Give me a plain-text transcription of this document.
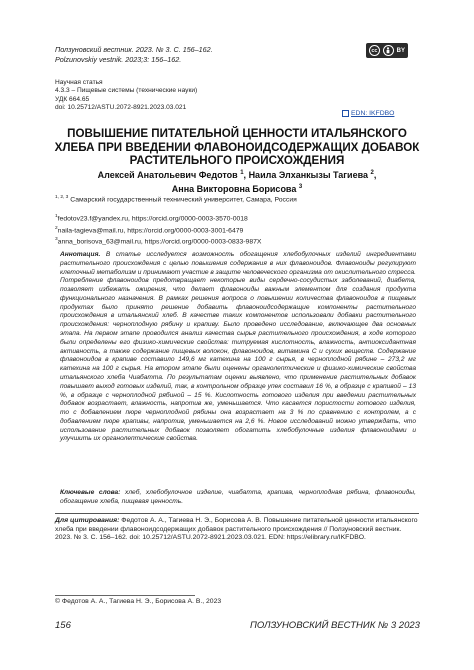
Ползуновский вестник. 2023. № 3. С. 156–162.
Polzunovskiy vestnik. 2023;3: 156–162.
cc	BY
Научная статья
4.3.3 – Пищевые системы (технические науки)
УДК 664.65
doi: 10.25712/ASTU.2072-8921.2023.03.021
EDN: IKFDBO
ПОВЫШЕНИЕ ПИТАТЕЛЬНОЙ ЦЕННОСТИ ИТАЛЬЯНСКОГО
ХЛЕБА ПРИ ВВЕДЕНИИ ФЛАВОНОИДСОДЕРЖАЩИХ ДОБАВОК
РАСТИТЕЛЬНОГО ПРОИСХОЖДЕНИЯ
Алексей Анатольевич Федотов $^1$, Наила Элханкызы Тагиева $^2$,
Анна Викторовна Борисова $^3$
$^{1, 2, 3}$ Самарский государственный технический университет, Самара, Россия
$^1$fedotov23.f@yandex.ru, https://orcid.org/0000-0003-3570-0018
$^2$naila-tagieva@mail.ru, https://orcid.org/0000-0003-3001-6479
$^3$anna_borisova_63@mail.ru, https://orcid.org/0000-0003-0833-987X
Аннотация. В статье исследуется возможность обогащения хлебобулочных изделий ингредиентами растительного происхождения с целью повышения содержания в них флавоноидов. Флавоноиды регулируют клеточный метаболизм и принимают участие в защите человеческого организма от окислительного стресса. Потребление флавоноидов предотвращает некоторые виды сердечно-сосудистых заболеваний, диабета, позволяет избежать ожирения, что делает флавоноиды важным элементом для создания продукта функционального назначения. В рамках решения вопроса о повышении количества флавоноидов в пищевых продуктах было принято решение добавить флавоноидсодержащие компоненты растительного происхождения в итальянский хлеб. В качестве таких компонентов использовали добавки растительного происхождения: черноплодную рябину и крапиву. Было проведено исследование, включающее два основных этапа. На первом этапе проводился анализ качества сырья растительного происхождения, в ходе которого были определены его физико-химические свойства: титруемая кислотность, влажность, антиоксидантная активность, а также содержание пищевых волокон, флавоноидов, витамина С и сухих веществ. Содержание флавоноидов в крапиве составило 149,6 мг катехина на 100 г сырья, в черноплодной рябине – 273,2 мг катехина на 100 г сырья. На втором этапе были оценены органолептические и физико-химические свойства итальянского хлеба Чиабатта. По результатам оценки выявлено, что применение растительных добавок повышает выход готовых изделий, так, в контрольном образце упек составил 16 %, в образце с крапивой – 13 %, в образце с черноплодной рябиной – 15 %. Кислотность готового изделия при введении растительных добавок возрастает, влажность, напротив же, уменьшается. Что касается пористости готового изделия, то с добавлением пюре черноплодной рябины она возрастает на 3 % по сравнению с контролем, а с добавлением пюре крапивы, напротив, уменьшается на 2,6 %. Новое исследований можно утверждать, что использование растительных добавок позволяет обогатить хлебобулочные изделия флавоноидами и улучшить их органолептические свойства.
Ключевые слова: хлеб, хлебобулочное изделие, чиабатта, крапива, черноплодная рябина, флавоноиды, обогащение хлеба, пищевая ценность.
Для цитирования: Федотов А. А., Тагиева Н. Э., Борисова А. В. Повышение питательной ценности итальянского хлеба при введении флавоноидсодержащих добавок растительного происхождения // Ползуновский вестник. 2023. № 3. С. 156–162. doi: 10.25712/ASTU.2072-8921.2023.03.021. EDN: https://elibrary.ru/IKFDBO.
© Федотов А. А., Тагиева Н. Э., Борисова А. В., 2023
156	ПОЛЗУНОВСКИЙ ВЕСТНИК № 3 2023
